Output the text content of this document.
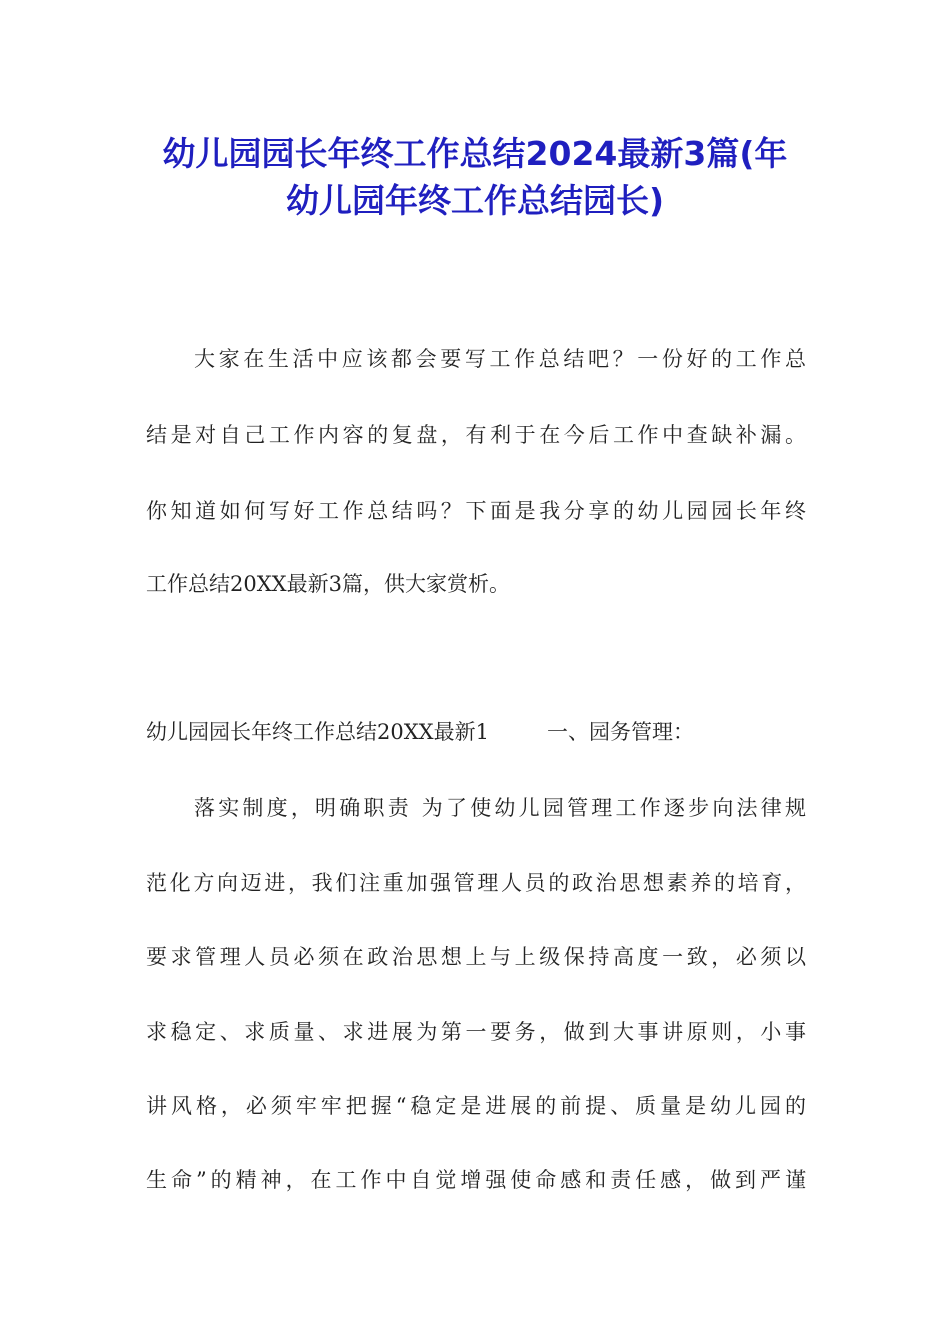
幼儿园园长年终工作总结2024最新3篇(年
幼儿园年终工作总结园长)
大家在生活中应该都会要写工作总结吧？一份好的工作总
结是对自己工作内容的复盘，有利于在今后工作中查缺补漏。
你知道如何写好工作总结吗？下面是我分享的幼儿园园长年终
工作总结20XX最新3篇，供大家赏析。
幼儿园园长年终工作总结20XX最新1	一、园务管理：
落实制度，明确职责 为了使幼儿园管理工作逐步向法律规
范化方向迈进，我们注重加强管理人员的政治思想素养的培育，
要求管理人员必须在政治思想上与上级保持高度一致，必须以
求稳定、求质量、求进展为第一要务，做到大事讲原则，小事
讲风格，必须牢牢把握“稳定是进展的前提、质量是幼儿园的
生命”的精神，在工作中自觉增强使命感和责任感，做到严谨
